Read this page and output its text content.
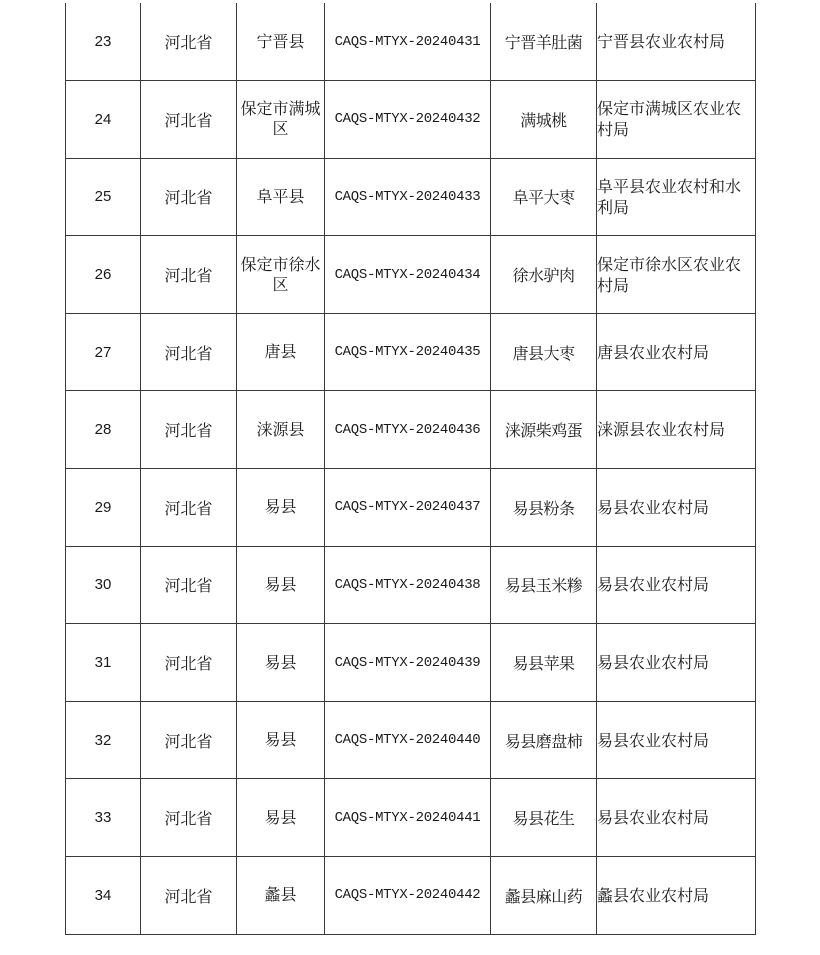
23	河北省	宁晋县	CAQS-MTYX-20240431	宁晋羊肚菌	宁晋县农业农村局
24	河北省	保定市满城区	CAQS-MTYX-20240432	满城桃	保定市满城区农业农村局
25	河北省	阜平县	CAQS-MTYX-20240433	阜平大枣	阜平县农业农村和水利局
26	河北省	保定市徐水区	CAQS-MTYX-20240434	徐水驴肉	保定市徐水区农业农村局
27	河北省	唐县	CAQS-MTYX-20240435	唐县大枣	唐县农业农村局
28	河北省	涞源县	CAQS-MTYX-20240436	涞源柴鸡蛋	涞源县农业农村局
29	河北省	易县	CAQS-MTYX-20240437	易县粉条	易县农业农村局
30	河北省	易县	CAQS-MTYX-20240438	易县玉米糁	易县农业农村局
31	河北省	易县	CAQS-MTYX-20240439	易县苹果	易县农业农村局
32	河北省	易县	CAQS-MTYX-20240440	易县磨盘柿	易县农业农村局
33	河北省	易县	CAQS-MTYX-20240441	易县花生	易县农业农村局
34	河北省	蠡县	CAQS-MTYX-20240442	蠡县麻山药	蠡县农业农村局
